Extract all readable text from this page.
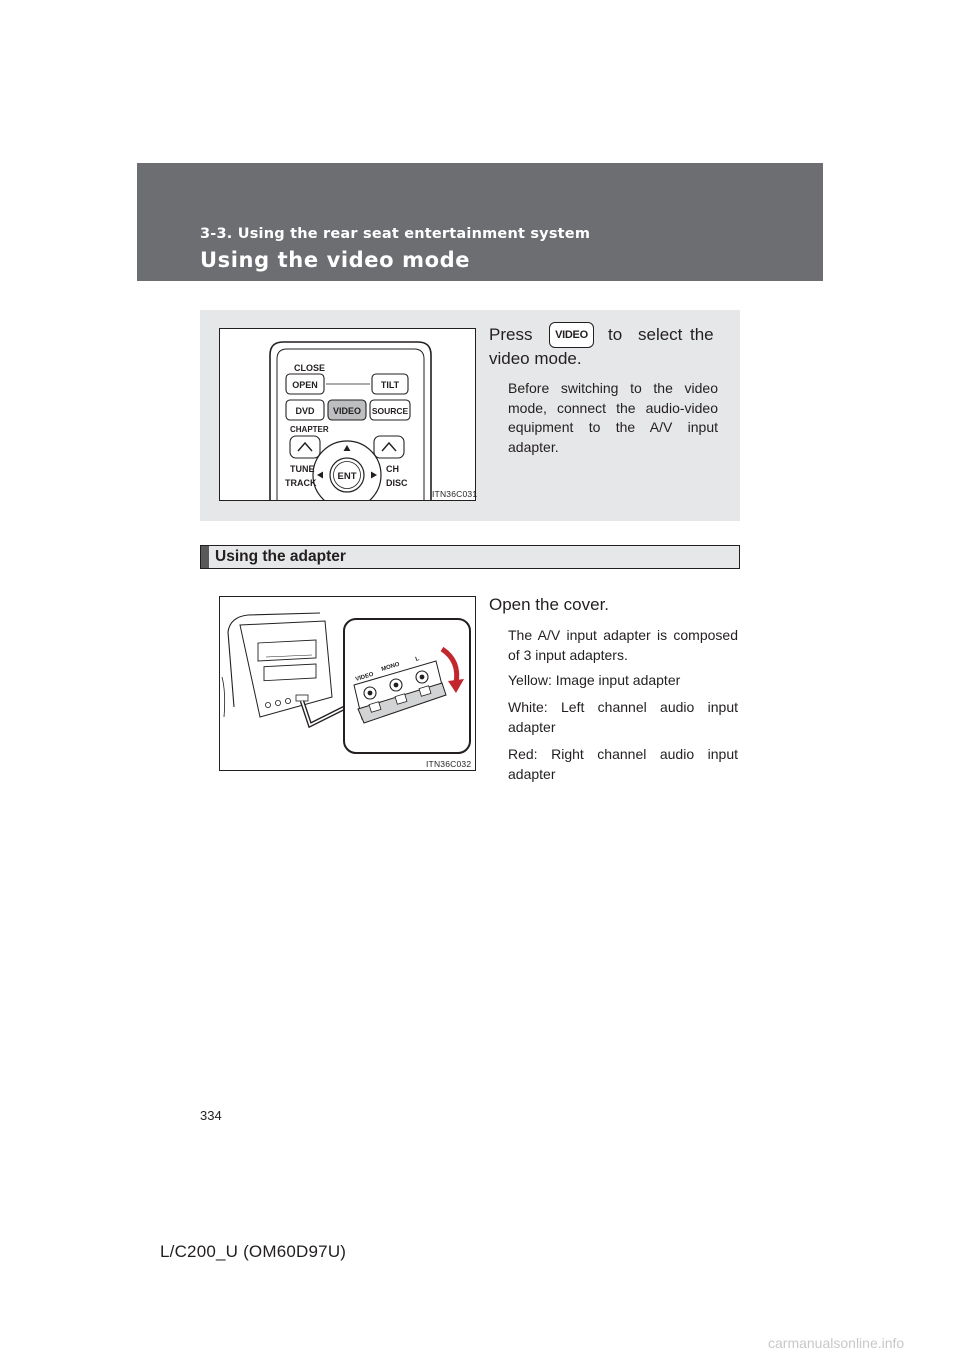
3-3. Using the rear seat entertainment system
Using the video mode
CLOSE
OPEN	TILT
DVD VIDEO SOURCE
CHAPTER
ENT
TUNE
TRACK
CH
DISC
ITN36C031
Press	to select the
VIDEO
video mode.
Before switching to the video mode, connect the audio-video equipment to the A/V input adapter.
Using the adapter
VIDEO
MONO
L
ITN36C032
Open the cover.
The A/V input adapter is composed of 3 input adapters.
Yellow: Image input adapter
White: Left channel audio input adapter
Red: Right channel audio input adapter
334
L/C200_U (OM60D97U)
carmanualsonline.info
